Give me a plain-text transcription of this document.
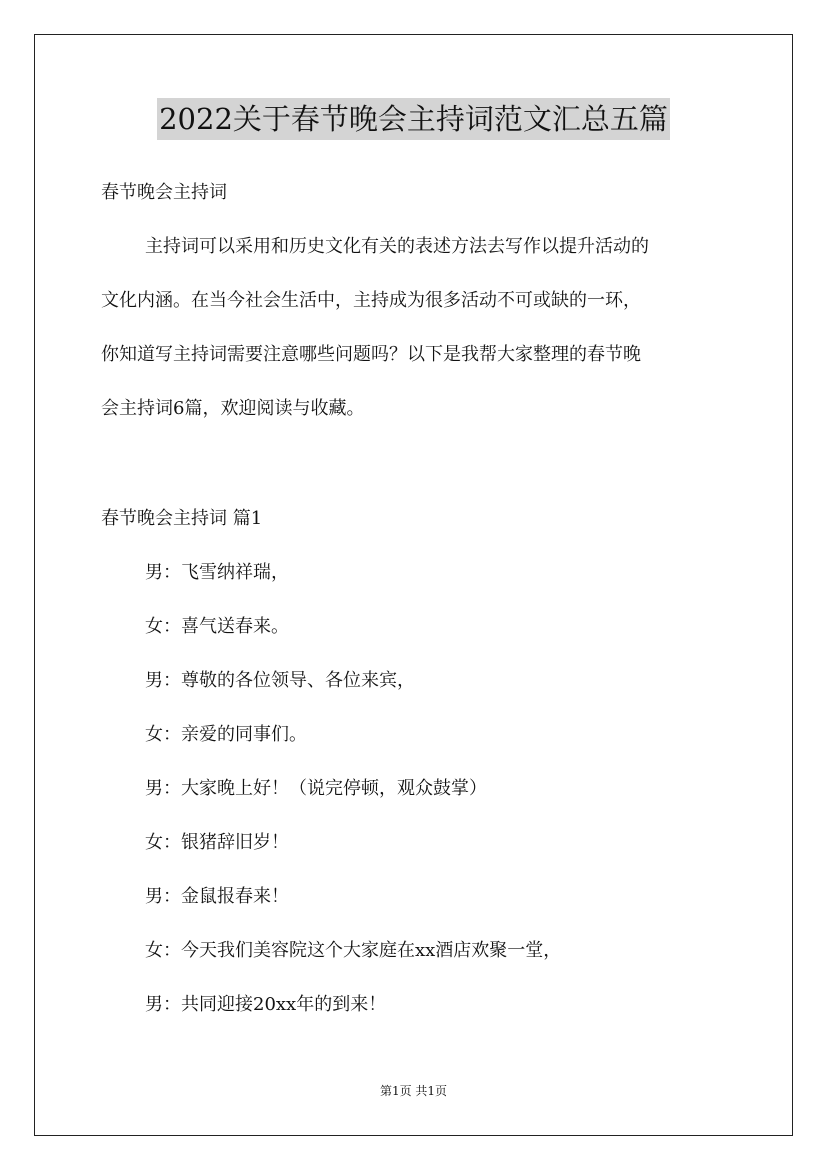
2022关于春节晚会主持词范文汇总五篇
春节晚会主持词
主持词可以采用和历史文化有关的表述方法去写作以提升活动的
文化内涵。在当今社会生活中，主持成为很多活动不可或缺的一环，
你知道写主持词需要注意哪些问题吗？以下是我帮大家整理的春节晚
会主持词6篇，欢迎阅读与收藏。
春节晚会主持词 篇1
男：飞雪纳祥瑞，
女：喜气送春来。
男：尊敬的各位领导、各位来宾，
女：亲爱的同事们。
男：大家晚上好！（说完停顿，观众鼓掌）
女：银猪辞旧岁！
男：金鼠报春来！
女：今天我们美容院这个大家庭在xx酒店欢聚一堂，
男：共同迎接20xx年的到来！
第1页 共1页
